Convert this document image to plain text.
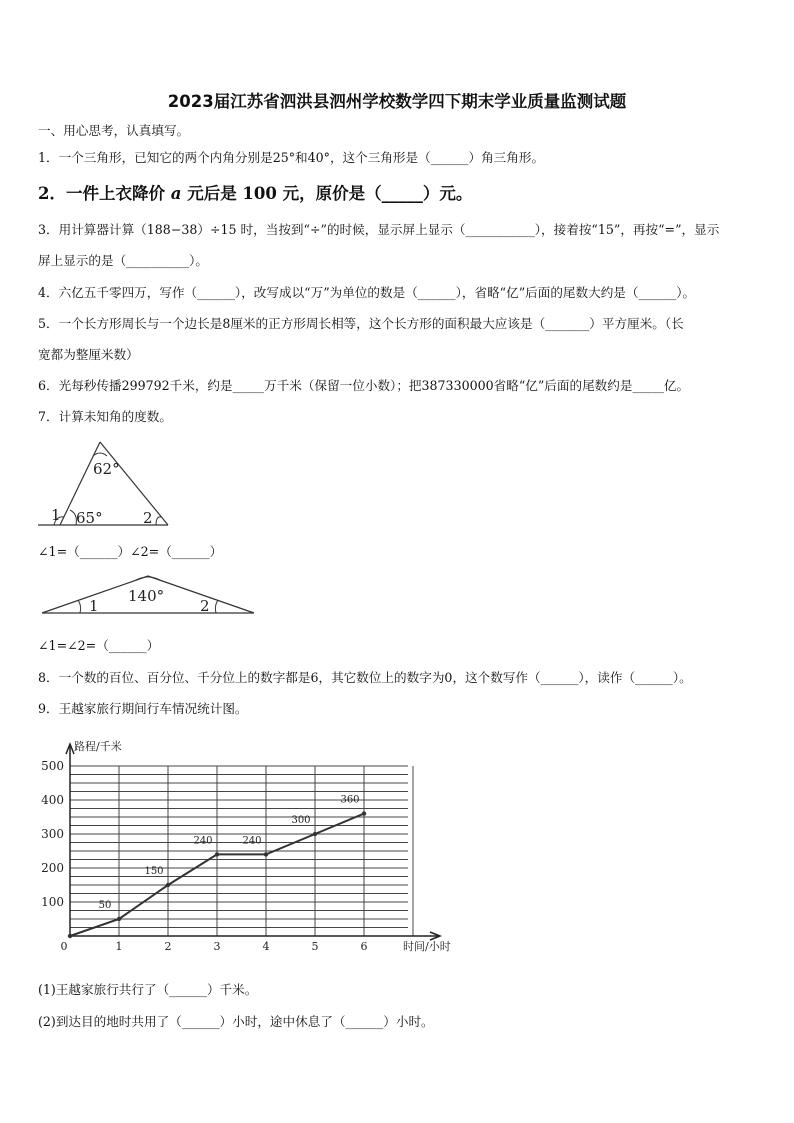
2023届江苏省泗洪县泗州学校数学四下期末学业质量监测试题
一、用心思考，认真填写。
1．一个三角形，已知它的两个内角分别是25°和40°，这个三角形是（______）角三角形。
2．一件上衣降价 a 元后是 100 元，原价是（_____）元。
3．用计算器计算（188−38）÷15 时，当按到“÷”的时候，显示屏上显示（___________），接着按“15”，再按“=”，显示
屏上显示的是（__________）。
4．六亿五千零四万，写作（______），改写成以“万”为单位的数是（______），省略“亿”后面的尾数大约是（______）。
5．一个长方形周长与一个边长是8厘米的正方形周长相等，这个长方形的面积最大应该是（_______）平方厘米。（长
宽都为整厘米数）
6．光每秒传播299792千米，约是_____万千米（保留一位小数）；把387330000省略“亿”后面的尾数约是_____亿。
7．计算未知角的度数。
62°
65°
1	2
∠1=（______）∠2=（______）
140°
1	2
∠1=∠2=（______）
8．一个数的百位、百分位、千分位上的数字都是6，其它数位上的数字为0，这个数写作（______），读作（______）。
9．王越家旅行期间行车情况统计图。
路程/千米
时间/小时
100
200
300
400
500
0	1	2	3	4	5	6
50
150
240	240
300
360
(1)王越家旅行共行了（______）千米。
(2)到达目的地时共用了（______）小时，途中休息了（______）小时。
